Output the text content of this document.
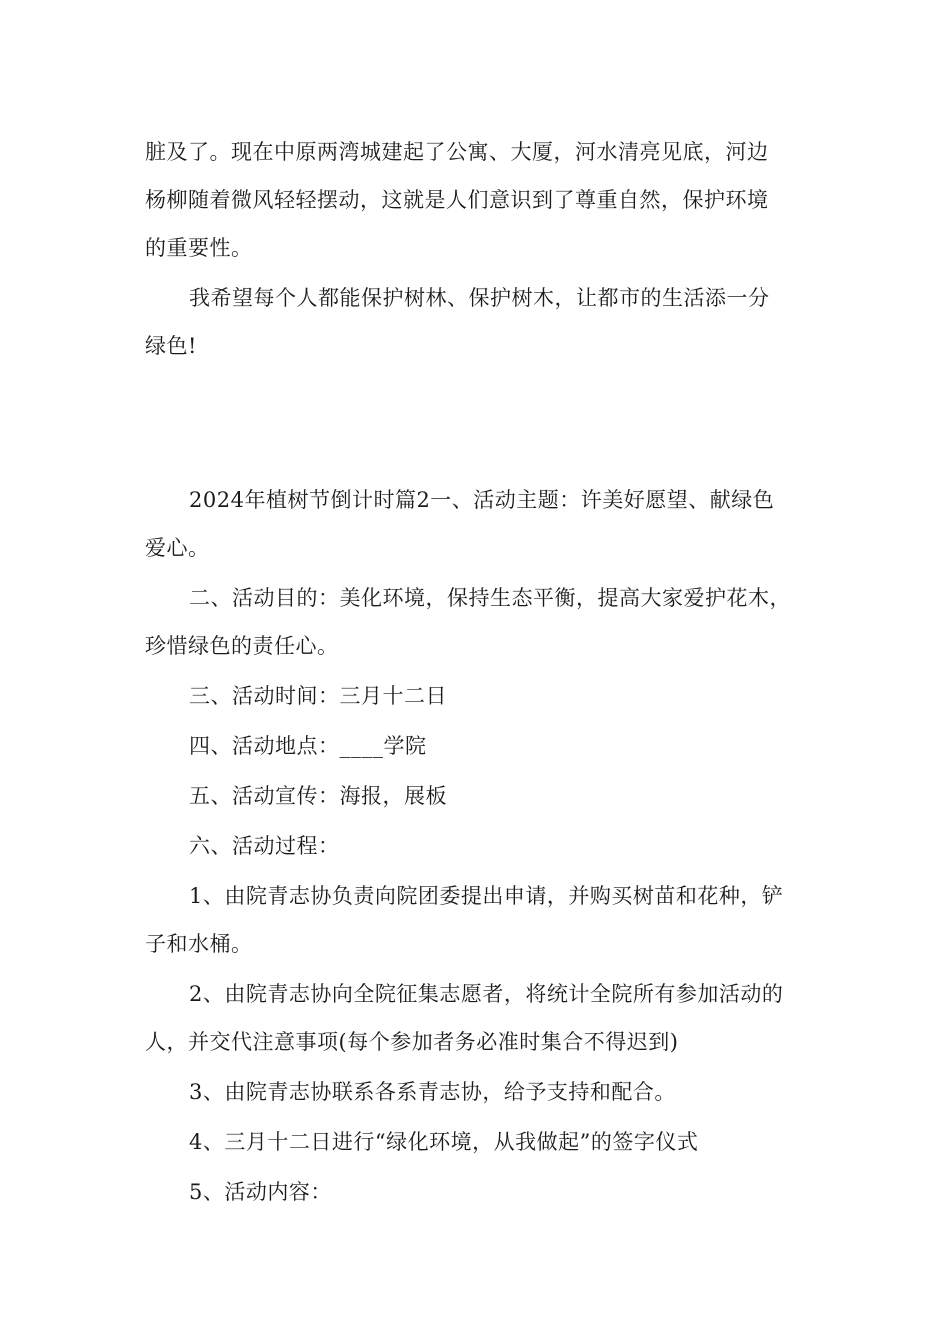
脏及了。现在中原两湾城建起了公寓、大厦，河水清亮见底，河边
杨柳随着微风轻轻摆动，这就是人们意识到了尊重自然，保护环境
的重要性。
我希望每个人都能保护树林、保护树木，让都市的生活添一分
绿色!
2024年植树节倒计时篇2一、活动主题：许美好愿望、献绿色
爱心。
二、活动目的：美化环境，保持生态平衡，提高大家爱护花木，
珍惜绿色的责任心。
三、活动时间：三月十二日
四、活动地点：____学院
五、活动宣传：海报，展板
六、活动过程：
1、由院青志协负责向院团委提出申请，并购买树苗和花种，铲
子和水桶。
2、由院青志协向全院征集志愿者，将统计全院所有参加活动的
人，并交代注意事项(每个参加者务必准时集合不得迟到)
3、由院青志协联系各系青志协，给予支持和配合。
4、三月十二日进行“绿化环境，从我做起”的签字仪式
5、活动内容：
